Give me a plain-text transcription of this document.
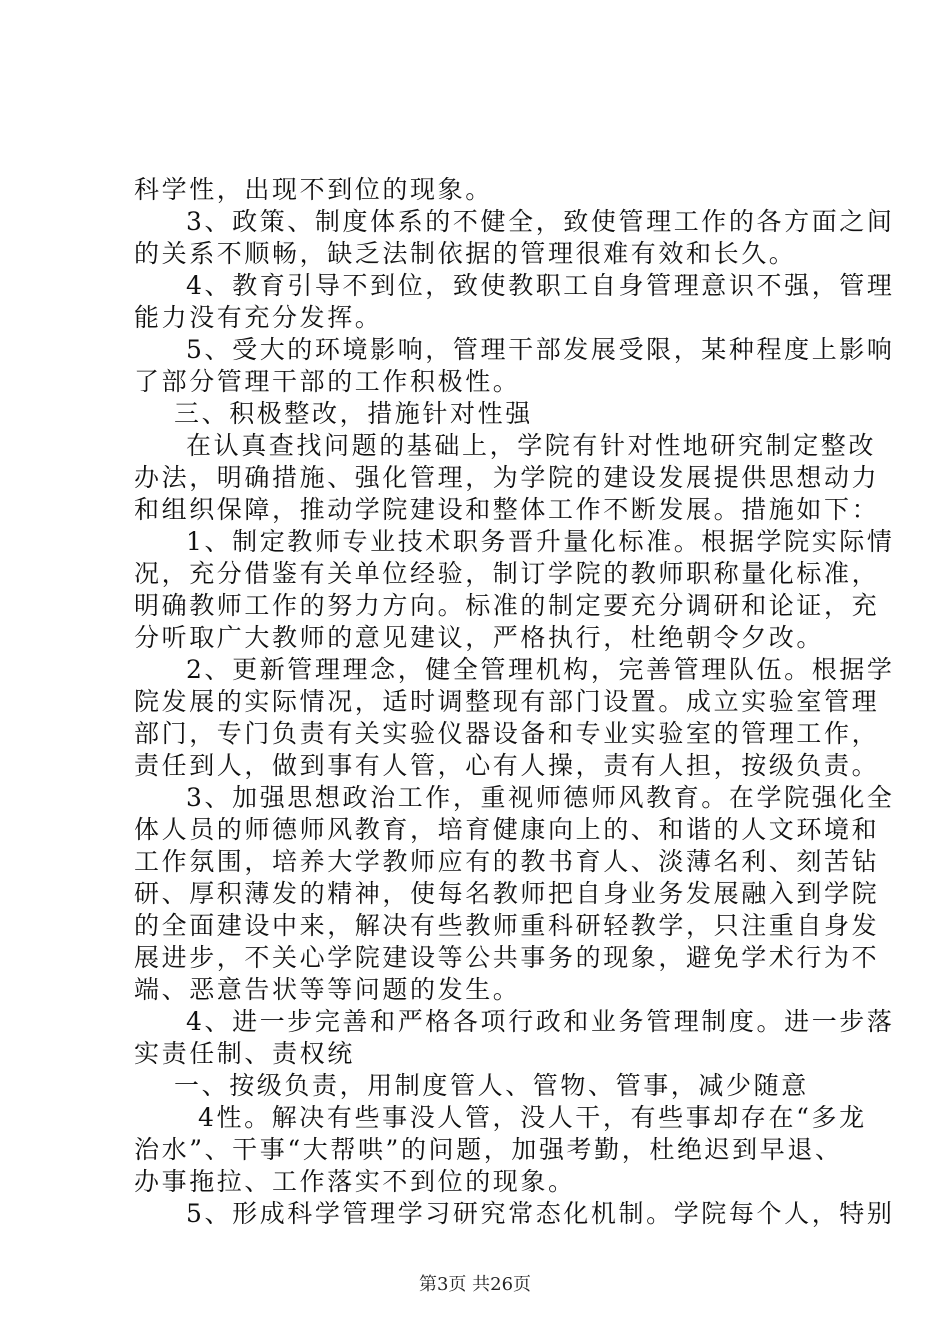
科学性，出现不到位的现象。
3、政策、制度体系的不健全，致使管理工作的各方面之间
的关系不顺畅，缺乏法制依据的管理很难有效和长久。
4、教育引导不到位，致使教职工自身管理意识不强，管理
能力没有充分发挥。
5、受大的环境影响，管理干部发展受限，某种程度上影响
了部分管理干部的工作积极性。
三、积极整改，措施针对性强
在认真查找问题的基础上，学院有针对性地研究制定整改
办法，明确措施、强化管理，为学院的建设发展提供思想动力
和组织保障，推动学院建设和整体工作不断发展。措施如下：
1、制定教师专业技术职务晋升量化标准。根据学院实际情
况，充分借鉴有关单位经验，制订学院的教师职称量化标准，
明确教师工作的努力方向。标准的制定要充分调研和论证，充
分听取广大教师的意见建议，严格执行，杜绝朝令夕改。
2、更新管理理念，健全管理机构，完善管理队伍。根据学
院发展的实际情况，适时调整现有部门设置。成立实验室管理
部门，专门负责有关实验仪器设备和专业实验室的管理工作，
责任到人，做到事有人管，心有人操，责有人担，按级负责。
3、加强思想政治工作，重视师德师风教育。在学院强化全
体人员的师德师风教育，培育健康向上的、和谐的人文环境和
工作氛围，培养大学教师应有的教书育人、淡薄名利、刻苦钻
研、厚积薄发的精神，使每名教师把自身业务发展融入到学院
的全面建设中来，解决有些教师重科研轻教学，只注重自身发
展进步，不关心学院建设等公共事务的现象，避免学术行为不
端、恶意告状等等问题的发生。
4、进一步完善和严格各项行政和业务管理制度。进一步落
实责任制、责权统
一、按级负责，用制度管人、管物、管事，减少随意
4性。解决有些事没人管，没人干，有些事却存在“多龙
治水”、干事“大帮哄”的问题，加强考勤，杜绝迟到早退、
办事拖拉、工作落实不到位的现象。
5、形成科学管理学习研究常态化机制。学院每个人，特别
第3页 共26页
